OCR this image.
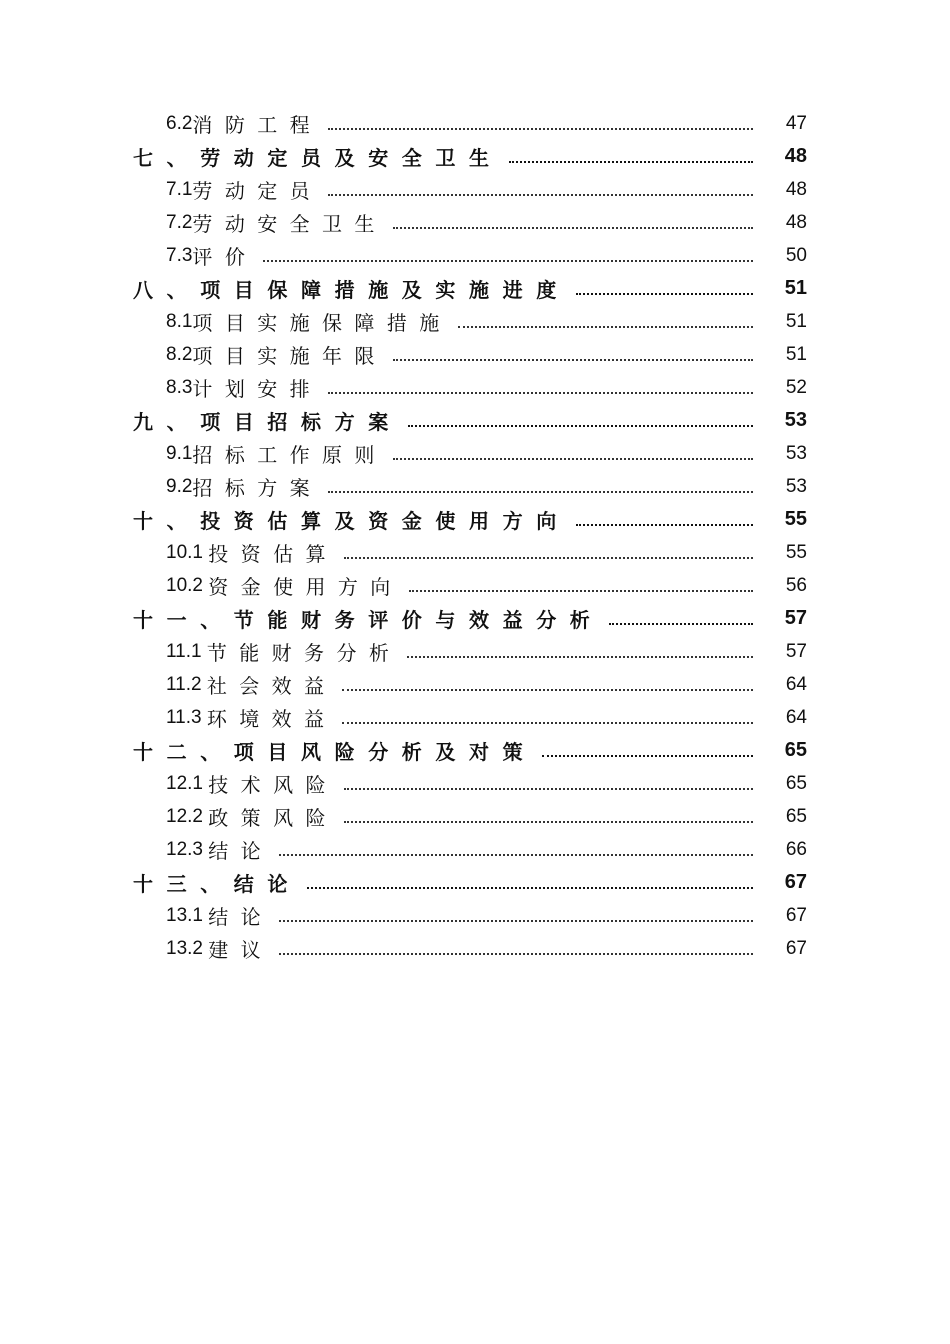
6.2 消防工程	47
七、劳动定员及安全卫生	48
7.1 劳动定员	48
7.2 劳动安全卫生	48
7.3 评价	50
八、项目保障措施及实施进度	51
8.1 项目实施保障措施	51
8.2 项目实施年限	51
8.3 计划安排	52
九、项目招标方案	53
9.1 招标工作原则	53
9.2 招标方案	53
十、投资估算及资金使用方向	55
10.1 投资估算	55
10.2 资金使用方向	56
十一、节能财务评价与效益分析	57
11.1 节能财务分析	57
11.2 社会效益	64
11.3 环境效益	64
十二、项目风险分析及对策	65
12.1 技术风险	65
12.2 政策风险	65
12.3 结论	66
十三、结论	67
13.1 结论	67
13.2 建议	67
